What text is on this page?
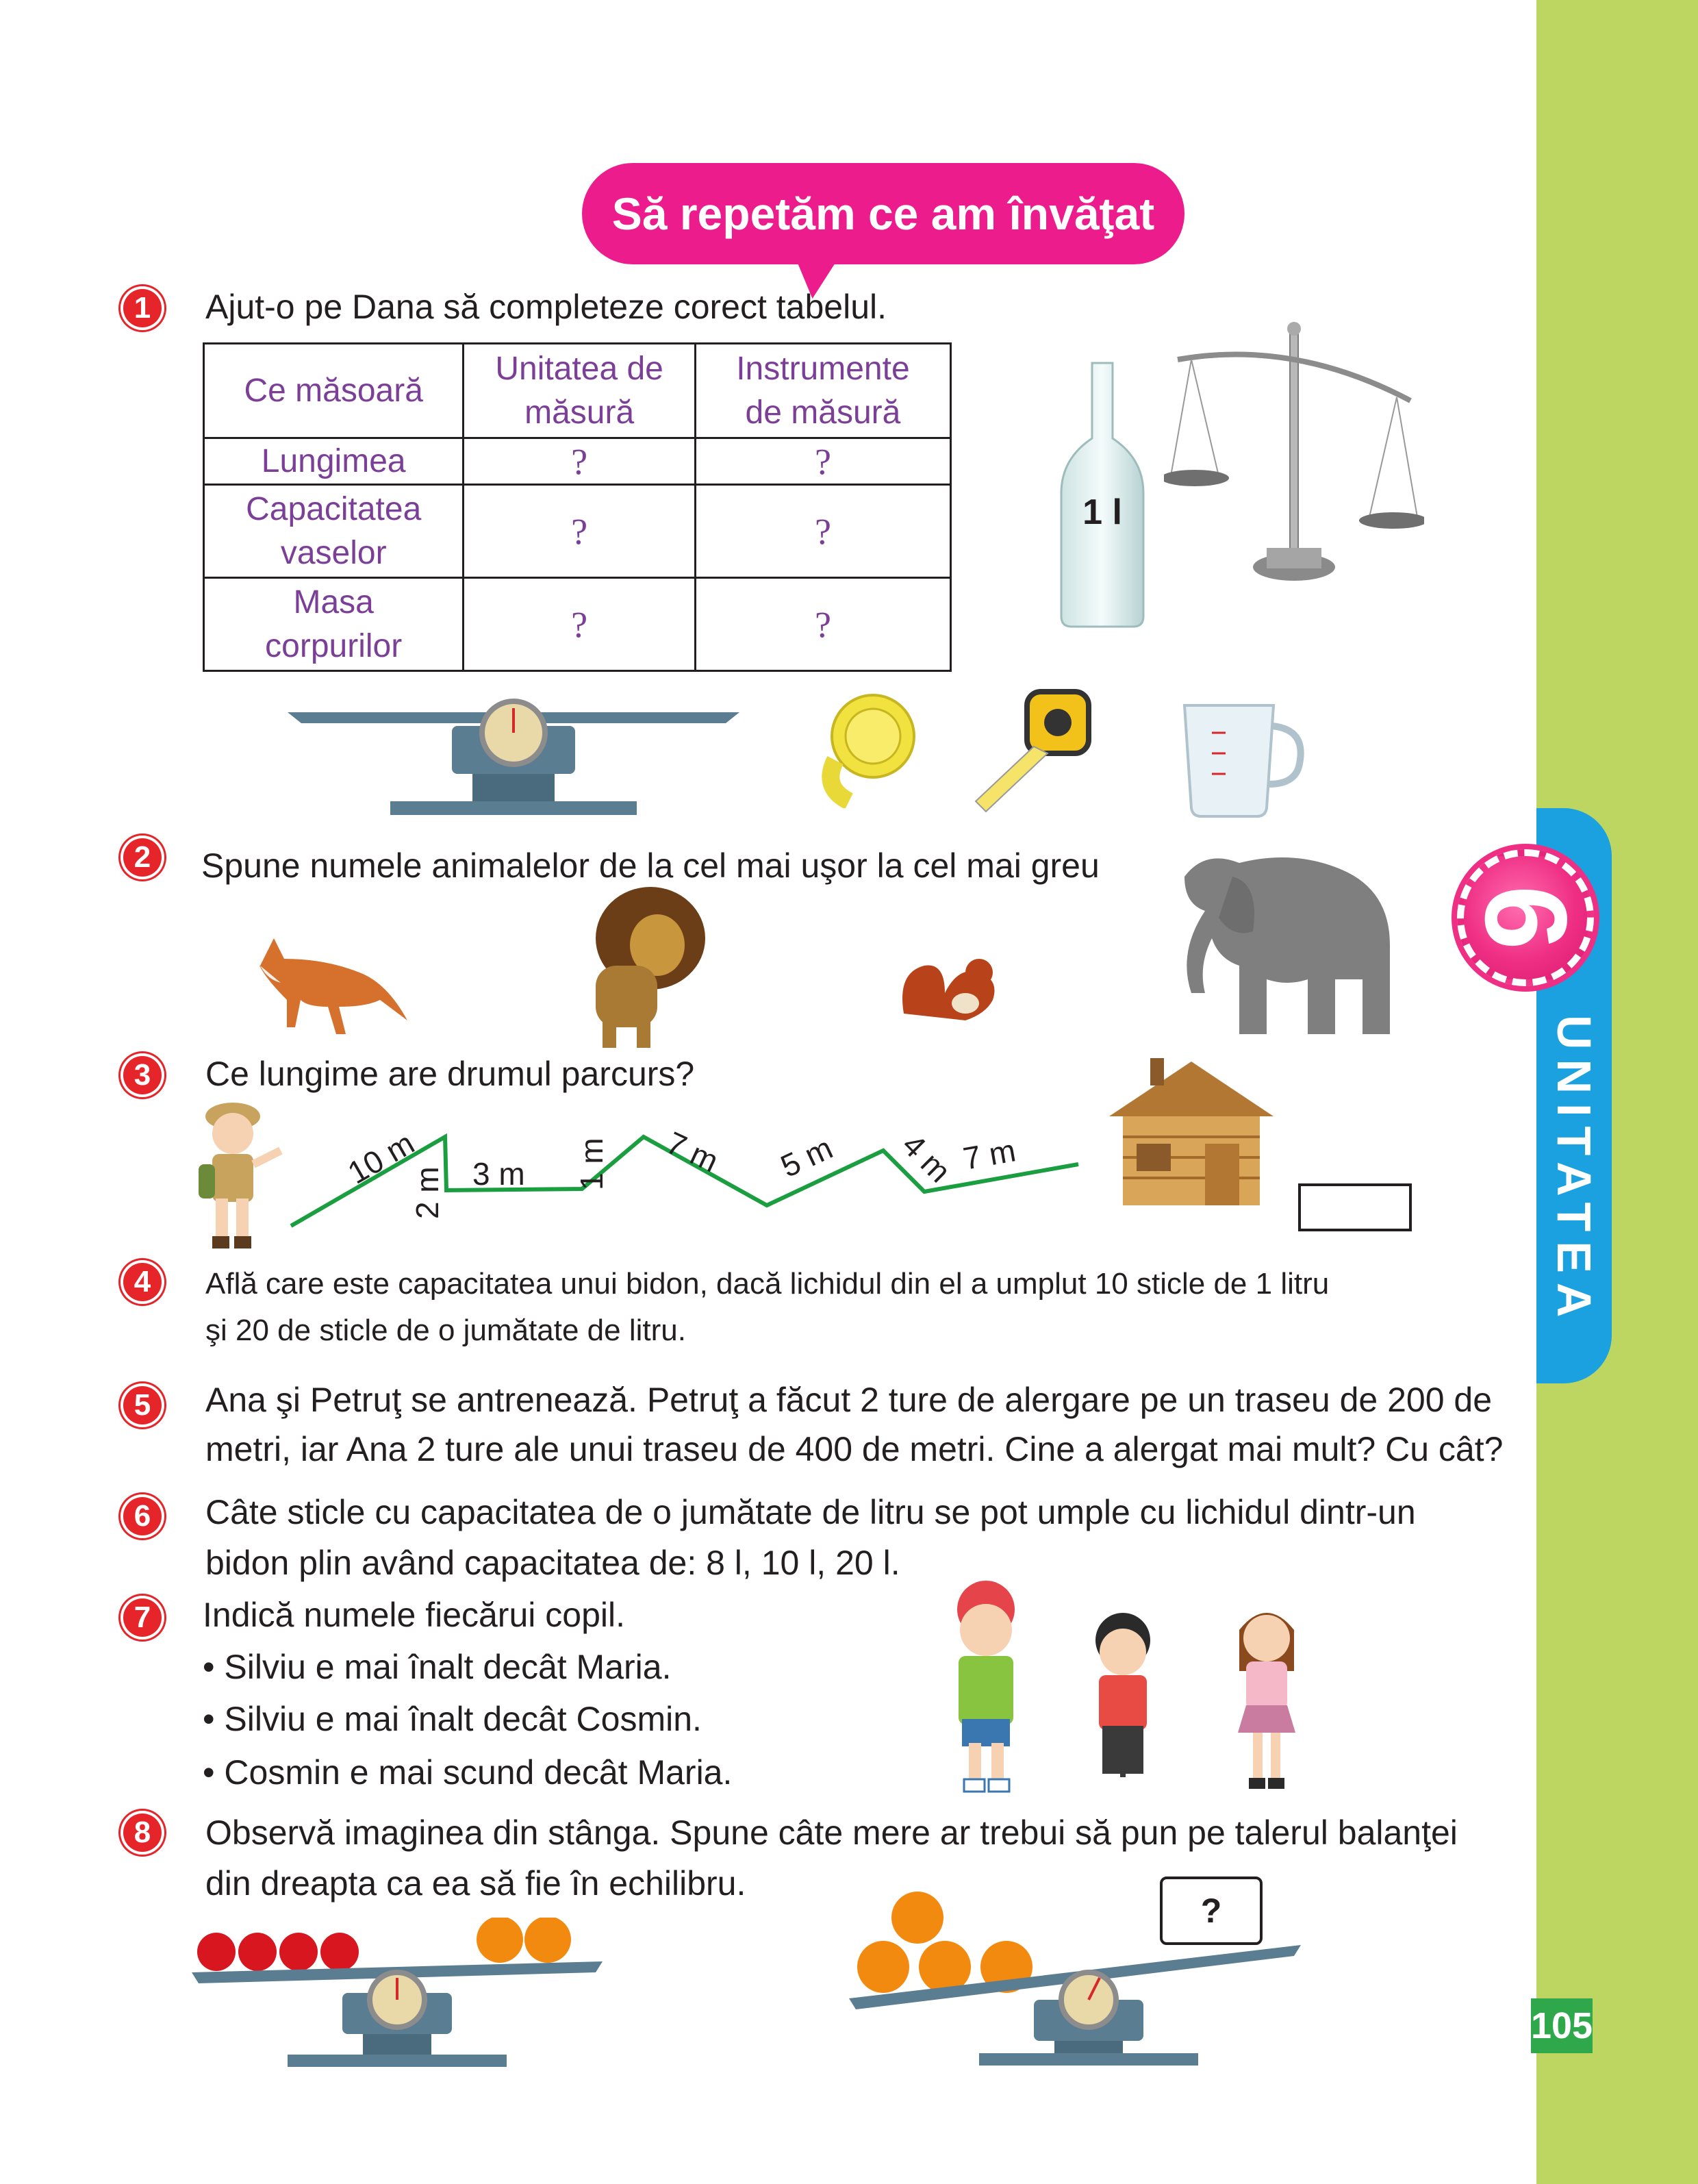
6
UNITATEA
105
Să repetăm ce am învăţat
1	Ajut-o pe Dana să completeze corect tabelul.
Ce măsoară	Unitatea de măsură	Instrumente de măsură
Lungimea	?	?
Capacitatea vaselor	?	?
Masa corpurilor	?	?
1 l
2	Spune numele animalelor de la cel mai uşor la cel mai greu
3	Ce lungime are drumul parcurs?
10 m
2 m 3 m 1 m 7 m 5 m 4 m 7 m
4	Află care este capacitatea unui bidon, dacă lichidul din el a umplut 10 sticle de 1 litru
şi 20 de sticle de o jumătate de litru.
5	Ana şi Petruţ se antrenează. Petruţ a făcut 2 ture de alergare pe un traseu de 200 de
metri, iar Ana 2 ture ale unui traseu de 400 de metri. Cine a alergat mai mult? Cu cât?
6	Câte sticle cu capacitatea de o jumătate de litru se pot umple cu lichidul dintr-un
bidon plin având capacitatea de: 8 l, 10 l, 20 l.
7	Indică numele fiecărui copil.
• Silviu e mai înalt decât Maria.
• Silviu e mai înalt decât Cosmin.
• Cosmin e mai scund decât Maria.
8	Observă imaginea din stânga. Spune câte mere ar trebui să pun pe talerul balanţei
din dreapta ca ea să fie în echilibru.
?
